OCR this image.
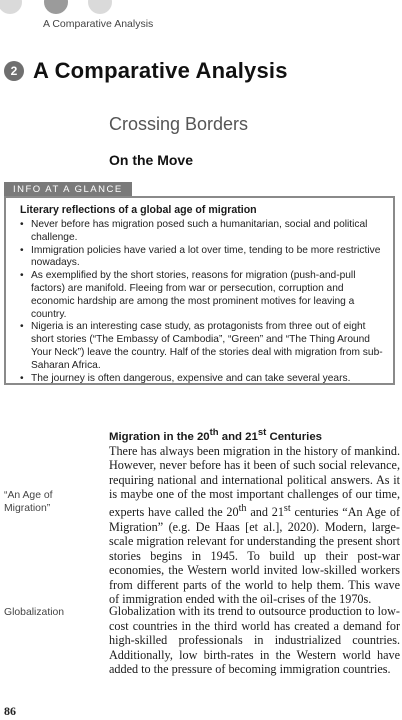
A Comparative Analysis
2 A Comparative Analysis
Crossing Borders
On the Move
INFO AT A GLANCE
Literary reflections of a global age of migration
• Never before has migration posed such a humanitarian, social and political challenge.
• Immigration policies have varied a lot over time, tending to be more restrictive nowadays.
• As exemplified by the short stories, reasons for migration (push-and-pull factors) are manifold. Fleeing from war or persecution, corruption and economic hardship are among the most prominent motives for leaving a country.
• Nigeria is an interesting case study, as protagonists from three out of eight short stories (“The Embassy of Cambodia”, “Green” and “The Thing Around Your Neck”) leave the country. Half of the stories deal with migration from sub-Saharan Africa.
• The journey is often dangerous, expensive and can take several years.
Migration in the 20th and 21st Centuries

There has always been migration in the history of mankind. However, never before has it been of such social relevance, requiring national and international political answers. As it is maybe one of the most important challenges of our time, experts have called the 20th and 21st centuries “An Age of Migration” (e.g. De Haas [et al.], 2020). Modern, large-scale migration relevant for understanding the present short stories begins in 1945. To build up their post-war economies, the Western world invited low-skilled workers from different parts of the world to help them. This wave of immigration ended with the oil-crises of the 1970s.

“An Age of Migration”

Globalization with its trend to outsource production to low-cost countries in the third world has created a demand for high-skilled professionals in industrialized countries. Additionally, low birth-rates in the Western world have added to the pressure of becoming immigration countries.

Globalization
86
